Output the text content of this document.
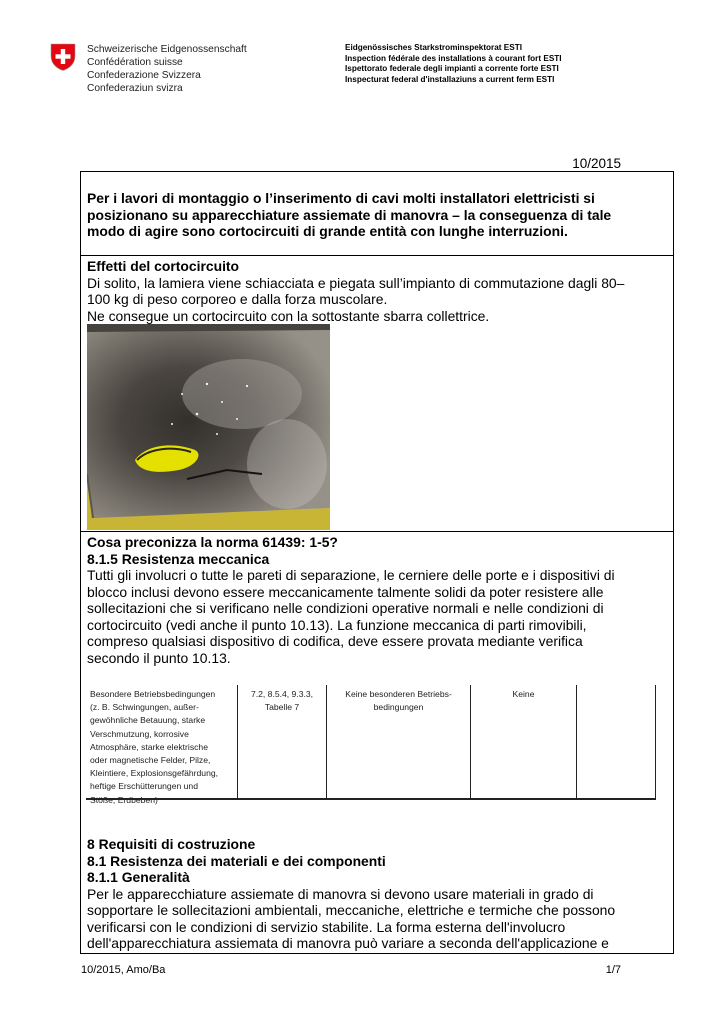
Schweizerische Eidgenossenschaft
Confédération suisse
Confederazione Svizzera
Confederaziun svizra
Eidgenössisches Starkstrominspektorat ESTI
Inspection fédérale des installations à courant fort ESTI
Ispettorato federale degli impianti a corrente forte ESTI
Inspecturat federal d'installaziuns a current ferm ESTI
10/2015
Per i lavori di montaggio o l’inserimento di cavi molti installatori elettricisti si
posizionano su apparecchiature assiemate di manovra – la conseguenza di tale
modo di agire sono cortocircuiti di grande entità con lunghe interruzioni.
Effetti del cortocircuito
Di solito, la lamiera viene schiacciata e piegata sull’impianto di commutazione dagli 80–
100 kg di peso corporeo e dalla forza muscolare.
Ne consegue un cortocircuito con la sottostante sbarra collettrice.
Cosa preconizza la norma 61439: 1-5?
8.1.5 Resistenza meccanica
Tutti gli involucri o tutte le pareti di separazione, le cerniere delle porte e i dispositivi di
blocco inclusi devono essere meccanicamente talmente solidi da poter resistere alle
sollecitazioni che si verificano nelle condizioni operative normali e nelle condizioni di
cortocircuito (vedi anche il punto 10.13). La funzione meccanica di parti rimovibili,
compreso qualsiasi dispositivo di codifica, deve essere provata mediante verifica
secondo il punto 10.13.
Besondere Betriebsbedingungen
(z. B. Schwingungen, außer-
gewöhnliche Betauung, starke
Verschmutzung, korrosive
Atmosphäre, starke elektrische
oder magnetische Felder, Pilze,
Kleintiere, Explosionsgefährdung,
heftige Erschütterungen und
Stöße, Erdbeben)
7.2, 8.5.4, 9.3.3,
Tabelle 7
Keine besonderen Betriebs-
bedingungen
Keine
8 Requisiti di costruzione
8.1 Resistenza dei materiali e dei componenti
8.1.1 Generalità
Per le apparecchiature assiemate di manovra si devono usare materiali in grado di
sopportare le sollecitazioni ambientali, meccaniche, elettriche e termiche che possono
verificarsi con le condizioni di servizio stabilite. La forma esterna dell'involucro
dell'apparecchiatura assiemata di manovra può variare a seconda dell'applicazione e
10/2015, Amo/Ba	1/7
